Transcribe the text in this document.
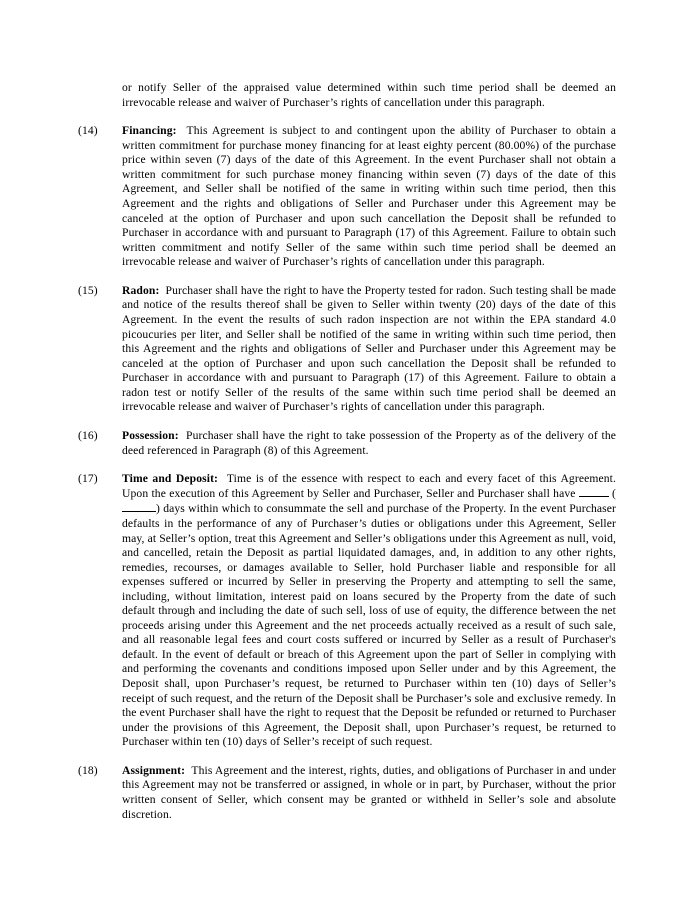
or notify Seller of the appraised value determined within such time period shall be deemed an irrevocable release and waiver of Purchaser’s rights of cancellation under this paragraph.
(14)	Financing: This Agreement is subject to and contingent upon the ability of Purchaser to obtain a written commitment for purchase money financing for at least eighty percent (80.00%) of the purchase price within seven (7) days of the date of this Agreement. In the event Purchaser shall not obtain a written commitment for such purchase money financing within seven (7) days of the date of this Agreement, and Seller shall be notified of the same in writing within such time period, then this Agreement and the rights and obligations of Seller and Purchaser under this Agreement may be canceled at the option of Purchaser and upon such cancellation the Deposit shall be refunded to Purchaser in accordance with and pursuant to Paragraph (17) of this Agreement. Failure to obtain such written commitment and notify Seller of the same within such time period shall be deemed an irrevocable release and waiver of Purchaser’s rights of cancellation under this paragraph.
(15)	Radon: Purchaser shall have the right to have the Property tested for radon. Such testing shall be made and notice of the results thereof shall be given to Seller within twenty (20) days of the date of this Agreement. In the event the results of such radon inspection are not within the EPA standard 4.0 picoucuries per liter, and Seller shall be notified of the same in writing within such time period, then this Agreement and the rights and obligations of Seller and Purchaser under this Agreement may be canceled at the option of Purchaser and upon such cancellation the Deposit shall be refunded to Purchaser in accordance with and pursuant to Paragraph (17) of this Agreement. Failure to obtain a radon test or notify Seller of the results of the same within such time period shall be deemed an irrevocable release and waiver of Purchaser’s rights of cancellation under this paragraph.
(16)	Possession: Purchaser shall have the right to take possession of the Property as of the delivery of the deed referenced in Paragraph (8) of this Agreement.
(17)	Time and Deposit: Time is of the essence with respect to each and every facet of this Agreement. Upon the execution of this Agreement by Seller and Purchaser, Seller and Purchaser shall have	() days within which to consummate the sell and purchase of the Property. In the event Purchaser defaults in the performance of any of Purchaser’s duties or obligations under this Agreement, Seller may, at Seller’s option, treat this Agreement and Seller’s obligations under this Agreement as null, void, and cancelled, retain the Deposit as partial liquidated damages, and, in addition to any other rights, remedies, recourses, or damages available to Seller, hold Purchaser liable and responsible for all expenses suffered or incurred by Seller in preserving the Property and attempting to sell the same, including, without limitation, interest paid on loans secured by the Property from the date of such default through and including the date of such sell, loss of use of equity, the difference between the net proceeds arising under this Agreement and the net proceeds actually received as a result of such sale, and all reasonable legal fees and court costs suffered or incurred by Seller as a result of Purchaser's default. In the event of default or breach of this Agreement upon the part of Seller in complying with and performing the covenants and conditions imposed upon Seller under and by this Agreement, the Deposit shall, upon Purchaser’s request, be returned to Purchaser within ten (10) days of Seller’s receipt of such request, and the return of the Deposit shall be Purchaser’s sole and exclusive remedy. In the event Purchaser shall have the right to request that the Deposit be refunded or returned to Purchaser under the provisions of this Agreement, the Deposit shall, upon Purchaser’s request, be returned to Purchaser within ten (10) days of Seller’s receipt of such request.
(18)	Assignment: This Agreement and the interest, rights, duties, and obligations of Purchaser in and under this Agreement may not be transferred or assigned, in whole or in part, by Purchaser, without the prior written consent of Seller, which consent may be granted or withheld in Seller’s sole and absolute discretion.
